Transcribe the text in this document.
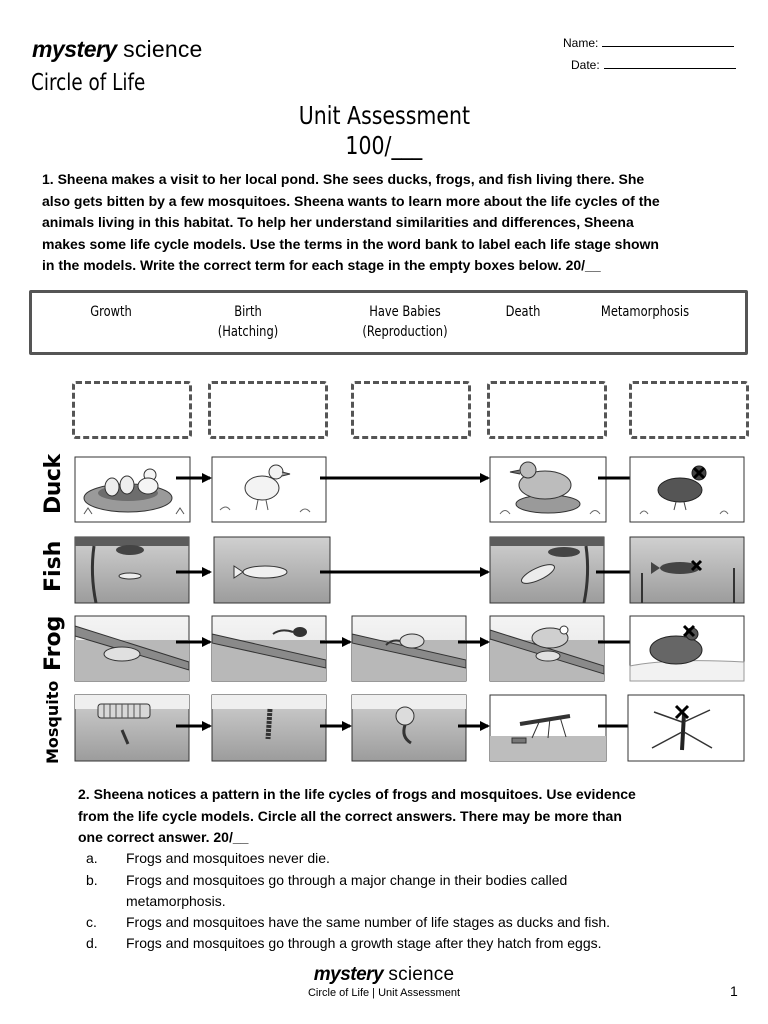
mystery science
Circle of Life
Name:
Date:
Unit Assessment
100/___
1. Sheena makes a visit to her local pond. She sees ducks, frogs, and fish living there. She
also gets bitten by a few mosquitoes. Sheena wants to learn more about the life cycles of the
animals living in this habitat. To help her understand similarities and differences, Sheena
makes some life cycle models. Use the terms in the word bank to label each life stage shown
in the models. Write the correct term for each stage in the empty boxes below. 20/__
Growth	Birth
(Hatching)
Have Babies
(Reproduction)
Death	Metamorphosis
Duck
Fish
Frog
Mosquito
2. Sheena notices a pattern in the life cycles of frogs and mosquitoes. Use evidence
from the life cycle models. Circle all the correct answers. There may be more than
one correct answer. 20/__
a. Frogs and mosquitoes never die.
b. Frogs and mosquitoes go through a major change in their bodies called metamorphosis.
c. Frogs and mosquitoes have the same number of life stages as ducks and fish.
d. Frogs and mosquitoes go through a growth stage after they hatch from eggs.
mystery science
Circle of Life | Unit Assessment	1
